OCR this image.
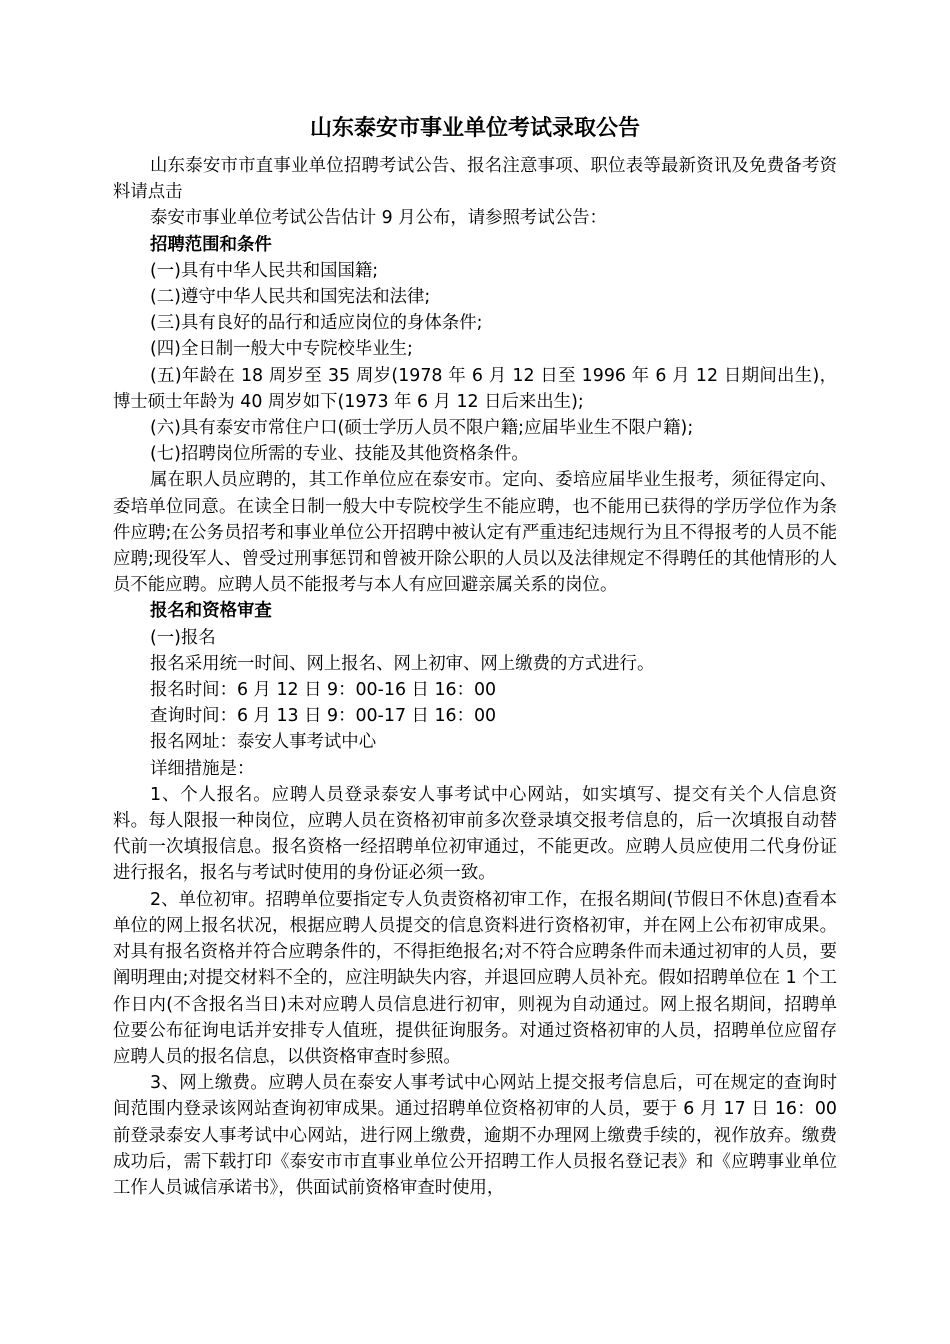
山东泰安市事业单位考试录取公告

山东泰安市市直事业单位招聘考试公告、报名注意事项、职位表等最新资讯及免费备考资料请点击

泰安市事业单位考试公告估计 9 月公布，请参照考试公告：

招聘范围和条件

(一)具有中华人民共和国国籍;

(二)遵守中华人民共和国宪法和法律;

(三)具有良好的品行和适应岗位的身体条件;

(四)全日制一般大中专院校毕业生;

(五)年龄在 18 周岁至 35 周岁(1978 年 6 月 12 日至 1996 年 6 月 12 日期间出生)，博士硕士年龄为 40 周岁如下(1973 年 6 月 12 日后来出生);

(六)具有泰安市常住户口(硕士学历人员不限户籍;应届毕业生不限户籍);

(七)招聘岗位所需的专业、技能及其他资格条件。

属在职人员应聘的，其工作单位应在泰安市。定向、委培应届毕业生报考，须征得定向、委培单位同意。在读全日制一般大中专院校学生不能应聘，也不能用已获得的学历学位作为条件应聘;在公务员招考和事业单位公开招聘中被认定有严重违纪违规行为且不得报考的人员不能应聘;现役军人、曾受过刑事惩罚和曾被开除公职的人员以及法律规定不得聘任的其他情形的人员不能应聘。应聘人员不能报考与本人有应回避亲属关系的岗位。

报名和资格审查

(一)报名

报名采用统一时间、网上报名、网上初审、网上缴费的方式进行。

报名时间：6 月 12 日 9：00-16 日 16：00

查询时间：6 月 13 日 9：00-17 日 16：00

报名网址：泰安人事考试中心

详细措施是：

1、个人报名。应聘人员登录泰安人事考试中心网站，如实填写、提交有关个人信息资料。每人限报一种岗位，应聘人员在资格初审前多次登录填交报考信息的，后一次填报自动替代前一次填报信息。报名资格一经招聘单位初审通过，不能更改。应聘人员应使用二代身份证进行报名，报名与考试时使用的身份证必须一致。

2、单位初审。招聘单位要指定专人负责资格初审工作，在报名期间(节假日不休息)查看本单位的网上报名状况，根据应聘人员提交的信息资料进行资格初审，并在网上公布初审成果。对具有报名资格并符合应聘条件的，不得拒绝报名;对不符合应聘条件而未通过初审的人员，要阐明理由;对提交材料不全的，应注明缺失内容，并退回应聘人员补充。假如招聘单位在 1 个工作日内(不含报名当日)未对应聘人员信息进行初审，则视为自动通过。网上报名期间，招聘单位要公布征询电话并安排专人值班，提供征询服务。对通过资格初审的人员，招聘单位应留存应聘人员的报名信息，以供资格审查时参照。

3、网上缴费。应聘人员在泰安人事考试中心网站上提交报考信息后，可在规定的查询时间范围内登录该网站查询初审成果。通过招聘单位资格初审的人员，要于 6 月 17 日 16：00 前登录泰安人事考试中心网站，进行网上缴费，逾期不办理网上缴费手续的，视作放弃。缴费成功后，需下载打印《泰安市市直事业单位公开招聘工作人员报名登记表》和《应聘事业单位工作人员诚信承诺书》，供面试前资格审查时使用，
